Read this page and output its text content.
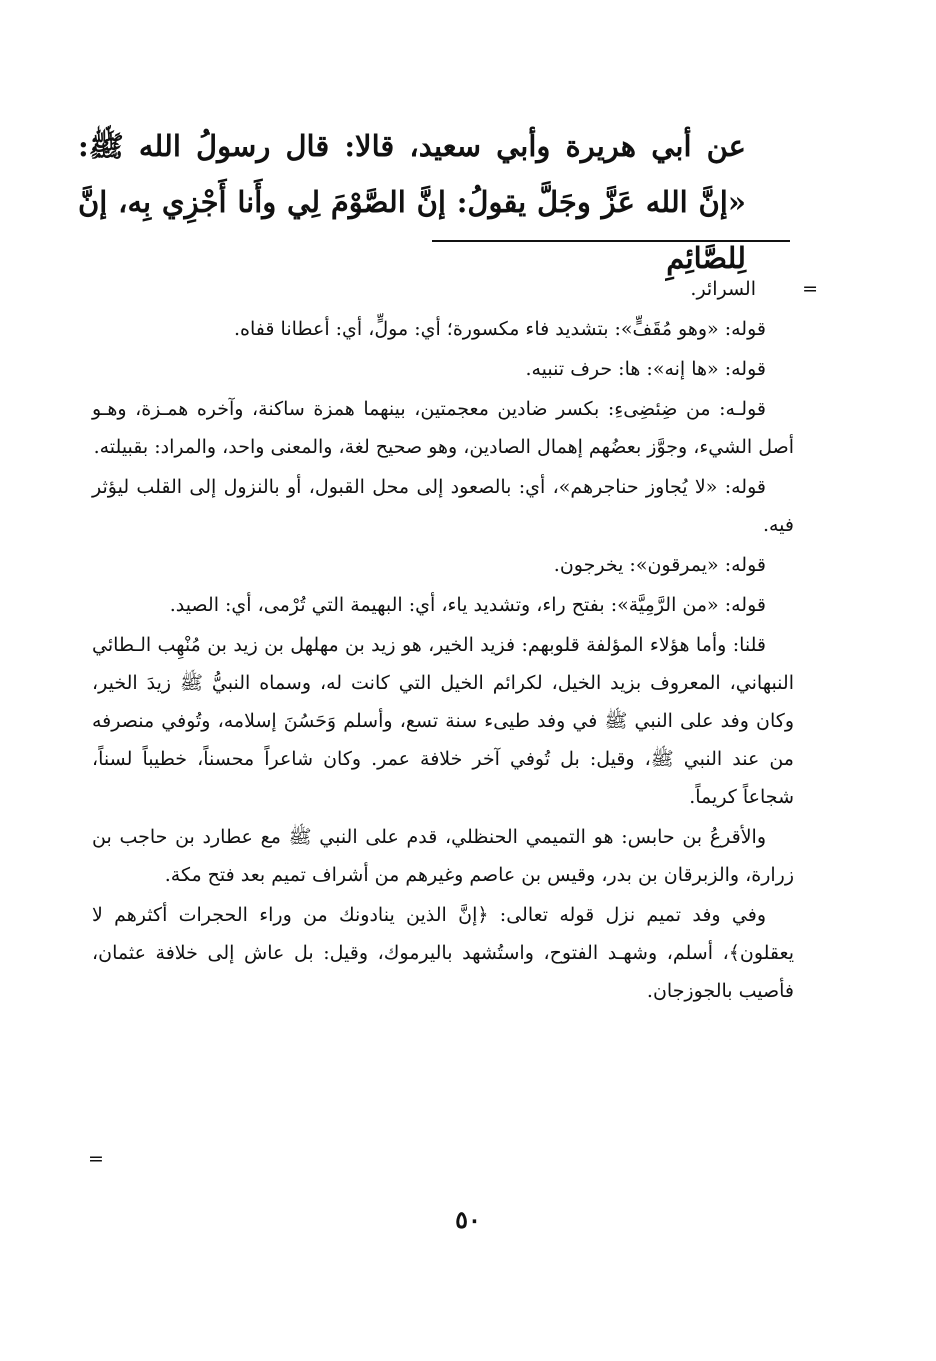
عن أبي هريرة وأبي سعيد، قالا: قال رسولُ الله ﷺ: «إنَّ الله عَزَّ وجَلَّ يقولُ: إنَّ الصَّوْمَ لِي وأَنا أَجْزِي بِه، إنَّ لِلصَّائِمِ

=

السرائر.

قوله: «وهو مُقَفٍّ»: بتشديد فاء مكسورة؛ أي: مولٍّ، أي: أعطانا قفاه.

قوله: «ها إنه»: ها: حرف تنبيه.

قولـه: من ضِئضِىءِ: بكسر ضادين معجمتين، بينهما همزة ساكنة، وآخره همـزة، وهـو أصل الشيء، وجوَّز بعضُهم إهمال الصادين، وهو صحيح لغة، والمعنى واحد، والمراد: بقبيلته.

قوله: «لا يُجاوز حناجرهم»، أي: بالصعود إلى محل القبول، أو بالنزول إلى القلب ليؤثر فيه.

قوله: «يمرقون»: يخرجون.

قوله: «من الرَّمِيَّة»: بفتح راء، وتشديد ياء، أي: البهيمة التي تُرْمى، أي: الصيد.

قلنا: وأما هؤلاء المؤلفة قلوبهم: فزيد الخير، هو زيد بن مهلهل بن زيد بن مُنْهِب الـطائي النبهاني، المعروف بزيد الخيل، لكرائم الخيل التي كانت له، وسماه النبيُّ ﷺ زيدَ الخير، وكان وفد على النبي ﷺ في وفد طيىء سنة تسع، وأسلم وَحَسُنَ إسلامه، وتُوفي منصرفه من عند النبي ﷺ، وقيل: بل تُوفي آخر خلافة عمر. وكان شاعراً محسناً، خطيباً لسناً، شجاعاً كريماً.

والأقرعُ بن حابس: هو التميمي الحنظلي، قدم على النبي ﷺ مع عطارد بن حاجب بن زرارة، والزبرقان بن بدر، وقيس بن عاصم وغيرهم من أشراف تميم بعد فتح مكة.

وفي وفد تميم نزل قوله تعالى: ﴿إنَّ الذين ينادونك من وراء الحجرات أكثرهم لا يعقلون﴾، أسلم، وشهـد الفتوح، واستُشهد باليرموك، وقيل: بل عاش إلى خلافة عثمان، فأصيب بالجوزجان.

=
٥٠
